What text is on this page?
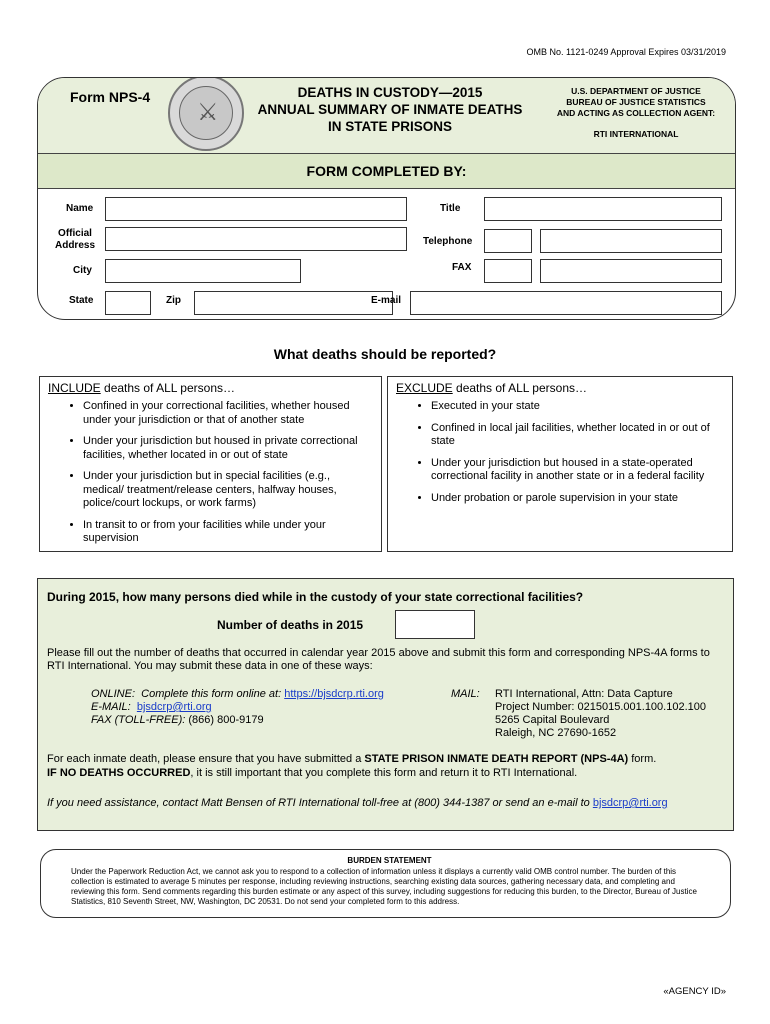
OMB No. 1121-0249 Approval Expires 03/31/2019
Form NPS-4
⚔
DEATHS IN CUSTODY—2015
ANNUAL SUMMARY OF INMATE DEATHS
IN STATE PRISONS
U.S. DEPARTMENT OF JUSTICE
BUREAU OF JUSTICE STATISTICS
AND ACTING AS COLLECTION AGENT:
RTI INTERNATIONAL
FORM COMPLETED BY:
Name	Title
Official
Address	Telephone
City	FAX
State	Zip	E-mail
What deaths should be reported?
INCLUDE deaths of ALL persons…
• Confined in your correctional facilities, whether housed under your jurisdiction or that of another state
• Under your jurisdiction but housed in private correctional facilities, whether located in or out of state
• Under your jurisdiction but in special facilities (e.g., medical/ treatment/release centers, halfway houses, police/court lockups, or work farms)
• In transit to or from your facilities while under your supervision
EXCLUDE deaths of ALL persons…
• Executed in your state
• Confined in local jail facilities, whether located in or out of state
• Under your jurisdiction but housed in a state-operated correctional facility in another state or in a federal facility
• Under probation or parole supervision in your state
During 2015, how many persons died while in the custody of your state correctional facilities?
Number of deaths in 2015
Please fill out the number of deaths that occurred in calendar year 2015 above and submit this form and corresponding NPS-4A forms to RTI International. You may submit these data in one of these ways:
ONLINE: Complete this form online at: https://bjsdcrp.rti.org
E-MAIL: bjsdcrp@rti.org
FAX (TOLL-FREE): (866) 800-9179
MAIL: RTI International, Attn: Data Capture
Project Number: 0215015.001.100.102.100
5265 Capital Boulevard
Raleigh, NC 27690-1652
For each inmate death, please ensure that you have submitted a STATE PRISON INMATE DEATH REPORT (NPS-4A) form.
IF NO DEATHS OCCURRED, it is still important that you complete this form and return it to RTI International.
If you need assistance, contact Matt Bensen of RTI International toll-free at (800) 344-1387 or send an e-mail to bjsdcrp@rti.org
BURDEN STATEMENT
Under the Paperwork Reduction Act, we cannot ask you to respond to a collection of information unless it displays a currently valid OMB control number. The burden of this collection is estimated to average 5 minutes per response, including reviewing instructions, searching existing data sources, gathering necessary data, and completing and reviewing this form. Send comments regarding this burden estimate or any aspect of this survey, including suggestions for reducing this burden, to the Director, Bureau of Justice Statistics, 810 Seventh Street, NW, Washington, DC 20531. Do not send your completed form to this address.
«AGENCY ID»
